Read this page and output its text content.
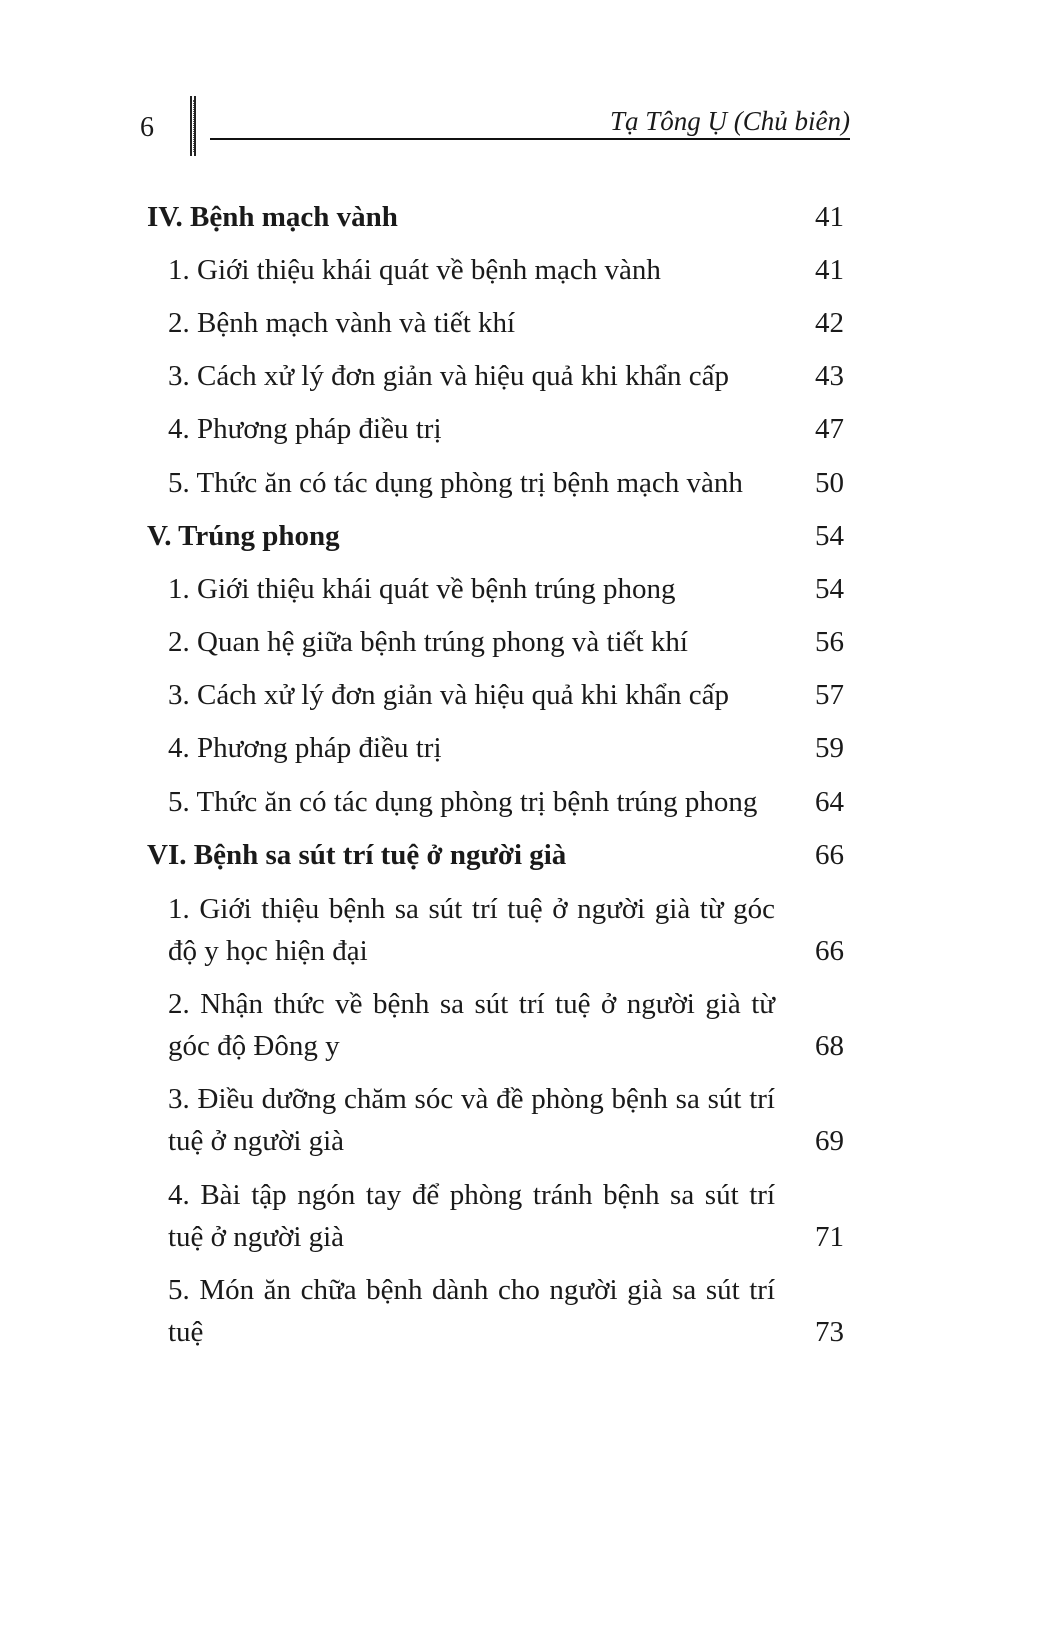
6	Tạ Tông Ụ (Chủ biên)
IV. Bệnh mạch vành	41
1. Giới thiệu khái quát về bệnh mạch vành	41
2. Bệnh mạch vành và tiết khí	42
3. Cách xử lý đơn giản và hiệu quả khi khẩn cấp	43
4. Phương pháp điều trị	47
5. Thức ăn có tác dụng phòng trị bệnh mạch vành	50
V. Trúng phong	54
1. Giới thiệu khái quát về bệnh trúng phong	54
2. Quan hệ giữa bệnh trúng phong và tiết khí	56
3. Cách xử lý đơn giản và hiệu quả khi khẩn cấp	57
4. Phương pháp điều trị	59
5. Thức ăn có tác dụng phòng trị bệnh trúng phong	64
VI. Bệnh sa sút trí tuệ ở người già	66
1. Giới thiệu bệnh sa sút trí tuệ ở người già từ góc độ y học hiện đại	66
2. Nhận thức về bệnh sa sút trí tuệ ở người già từ góc độ Đông y	68
3. Điều dưỡng chăm sóc và đề phòng bệnh sa sút trí tuệ ở người già	69
4. Bài tập ngón tay để phòng tránh bệnh sa sút trí tuệ ở người già	71
5. Món ăn chữa bệnh dành cho người già sa sút trí tuệ	73
